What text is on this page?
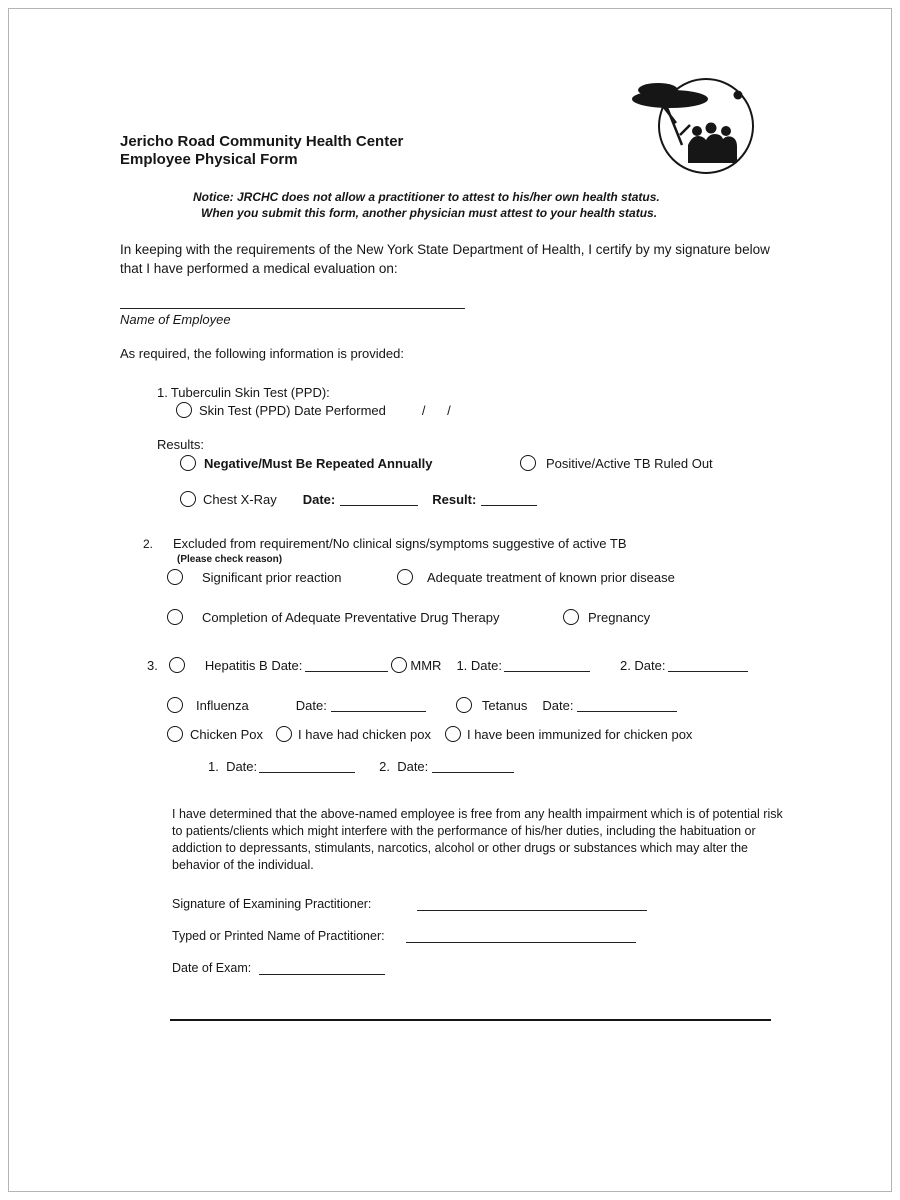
Jericho Road Community Health Center
Employee Physical Form
Notice: JRCHC does not allow a practitioner to attest to his/her own health status.
When you submit this form, another physician must attest to your health status.
In keeping with the requirements of the New York State Department of Health, I certify by my signature below that I have performed a medical evaluation on:
Name of Employee
As required, the following information is provided:
1. Tuberculin Skin Test (PPD):
Skin Test (PPD) Date Performed	/      /
Results:
Negative/Must Be Repeated Annually	Positive/Active TB Ruled Out
Chest X-Ray Date:	Result:
2. Excluded from requirement/No clinical signs/symptoms suggestive of active TB
(Please check reason)
Significant prior reaction	Adequate treatment of known prior disease
Completion of Adequate Preventative Drug Therapy	Pregnancy
3.	Hepatitis B Date:	MMR 1. Date:	2. Date:
Influenza	Date:	Tetanus Date:
Chicken Pox	I have had chicken pox	I have been immunized for chicken pox
1.  Date:	2.  Date:
I have determined that the above-named employee is free from any health impairment which is of potential risk to patients/clients which might interfere with the performance of his/her duties, including the habituation or addiction to depressants, stimulants, narcotics, alcohol or other drugs or substances which may alter the behavior of the individual.
Signature of Examining Practitioner:
Typed or Printed Name of Practitioner:
Date of Exam:
